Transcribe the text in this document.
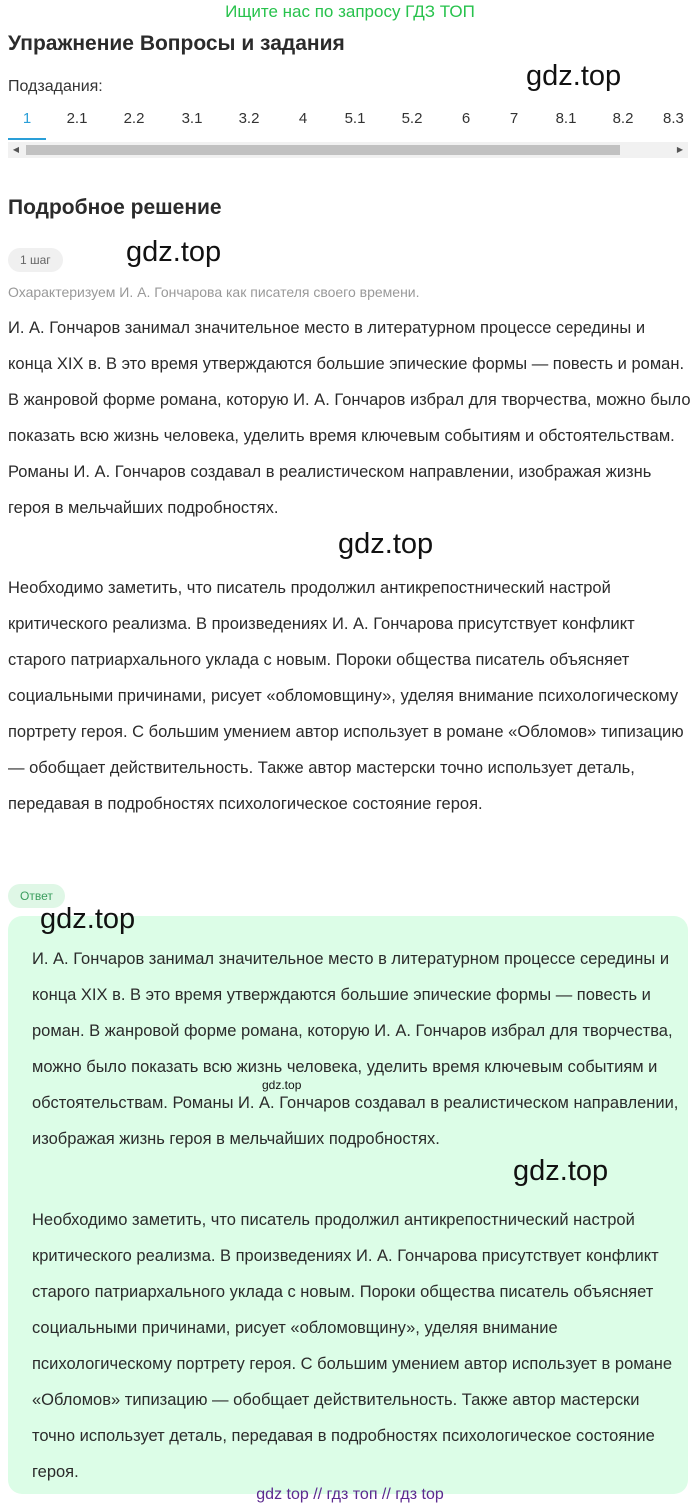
Ищите нас по запросу ГДЗ ТОП
Упражнение Вопросы и задания
Подзадания:	gdz.top
1	2.1	2.2	3.1	3.2	4	5.1	5.2	6	7	8.1	8.2	8.3
◀	▶
Подробное решение
1 шаг	gdz.top
Охарактеризуем И. А. Гончарова как писателя своего времени.

И. А. Гончаров занимал значительное место в литературном процессе середины и конца XIX в. В это время утверждаются большие эпические формы — повесть и роман. В жанровой форме романа, которую И. А. Гончаров избрал для творчества, можно было показать всю жизнь человека, уделить время ключевым событиям и обстоятельствам. Романы И. А. Гончаров создавал в реалистическом направлении, изображая жизнь героя в мельчайших подробностях.

gdz.top

Необходимо заметить, что писатель продолжил антикрепостнический настрой критического реализма. В произведениях И. А. Гончарова присутствует конфликт старого патриархального уклада с новым. Пороки общества писатель объясняет социальными причинами, рисует «обломовщину», уделяя внимание психологическому портрету героя. С большим умением автор использует в романе «Обломов» типизацию — обобщает действительность. Также автор мастерски точно использует деталь, передавая в подробностях психологическое состояние героя.

Ответ
gdz.top

И. А. Гончаров занимал значительное место в литературном процессе середины и конца XIX в. В это время утверждаются большие эпические формы — повесть и роман. В жанровой форме романа, которую И. А. Гончаров избрал для творчества, можно было показать всю жизнь человека, уделить время ключевым событиям и обстоятельствам. Романы И. А. Гончаров создавал в реалистическом направлении, изображая жизнь героя в мельчайших подробностях.

gdz.top
gdz.top

Необходимо заметить, что писатель продолжил антикрепостнический настрой критического реализма. В произведениях И. А. Гончарова присутствует конфликт старого патриархального уклада с новым. Пороки общества писатель объясняет социальными причинами, рисует «обломовщину», уделяя внимание психологическому портрету героя. С большим умением автор использует в романе «Обломов» типизацию — обобщает действительность. Также автор мастерски точно использует деталь, передавая в подробностях психологическое состояние героя.

gdz top // гдз топ // гдз top
